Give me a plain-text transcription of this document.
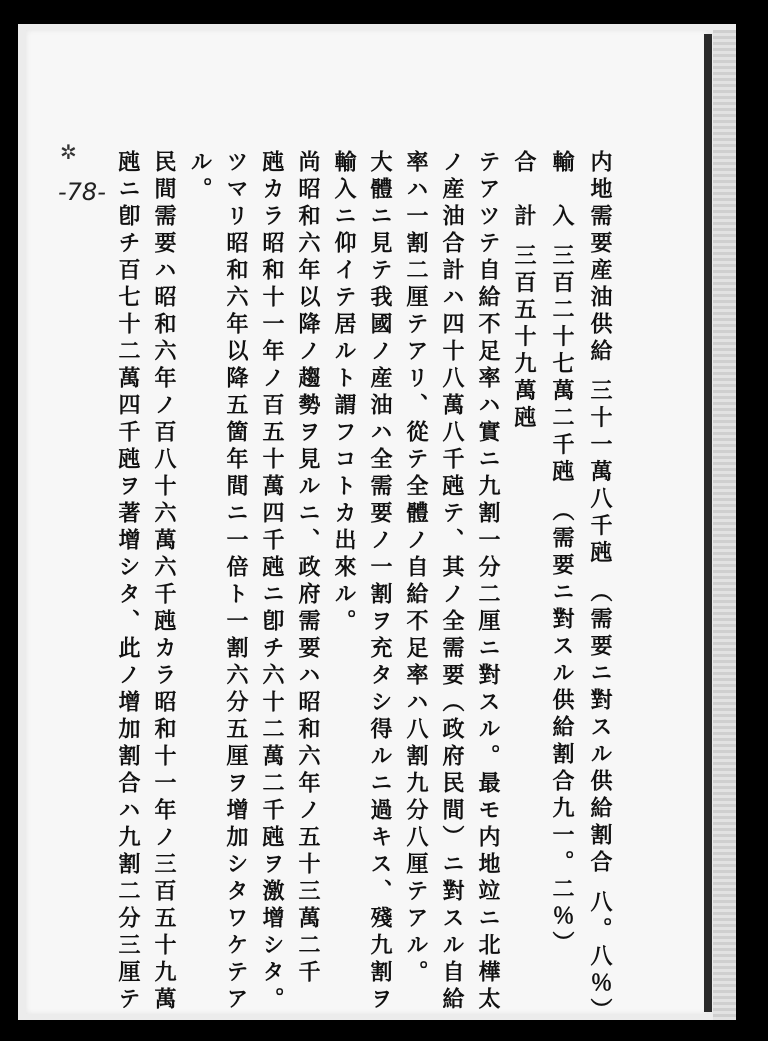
✲
-78-	内地需要産油供給 三十一萬八千瓲 （需要ニ對スル供給割合 八。八％）
輸　入 三百二十七萬二千瓲 （需要ニ對スル供給割合九一。二％）
合　計 三百五十九萬瓲
テアツテ自給不足率ハ實ニ九割一分二厘ニ對スル。最モ内地竝ニ北樺太
ノ産油合計ハ四十八萬八千瓲テ、其ノ全需要（政府民間）ニ對スル自給
率ハ一割二厘テアリ、從テ全體ノ自給不足率ハ八割九分八厘テアル。
大體ニ見テ我國ノ産油ハ全需要ノ一割ヲ充タシ得ルニ過キス、殘九割ヲ
輸入ニ仰イテ居ルト謂フコトカ出來ル。
尚昭和六年以降ノ趨勢ヲ見ルニ、政府需要ハ昭和六年ノ五十三萬二千
瓲カラ昭和十一年ノ百五十萬四千瓲ニ卽チ六十二萬二千瓲ヲ激增シタ。
ツマリ昭和六年以降五箇年間ニ一倍ト一割六分五厘ヲ增加シタワケテア
ル。
民間需要ハ昭和六年ノ百八十六萬六千瓲カラ昭和十一年ノ三百五十九萬
瓲ニ卽チ百七十二萬四千瓲ヲ著增シタ、此ノ增加割合ハ九割二分三厘テ
